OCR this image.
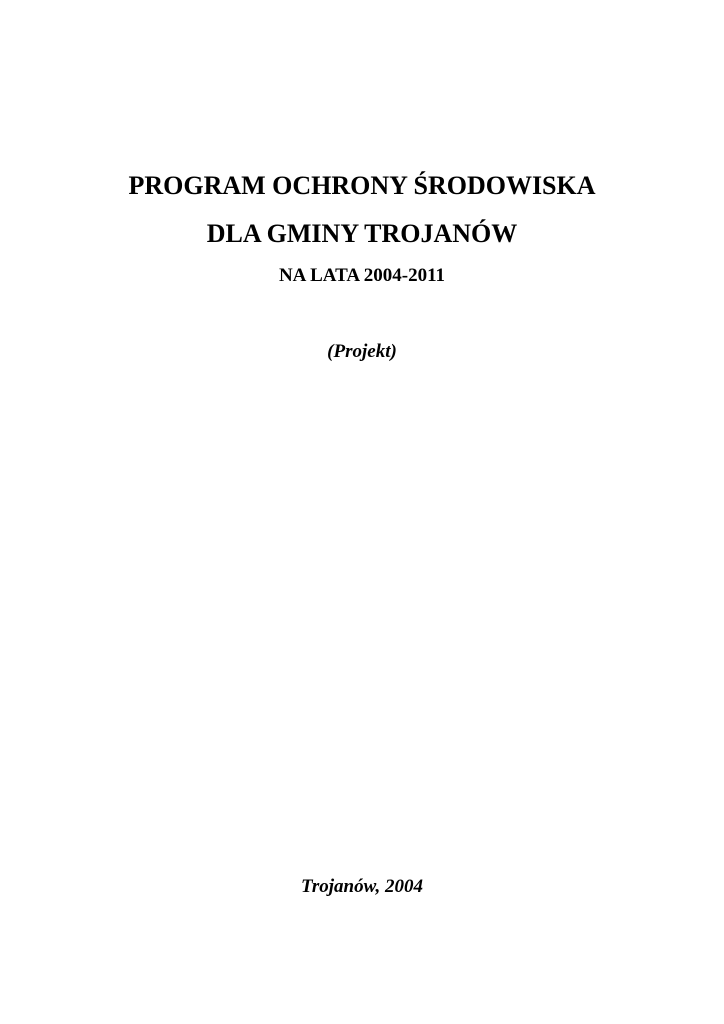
PROGRAM OCHRONY ŚRODOWISKA
DLA GMINY TROJANÓW
NA LATA 2004-2011
(Projekt)
Trojanów, 2004
